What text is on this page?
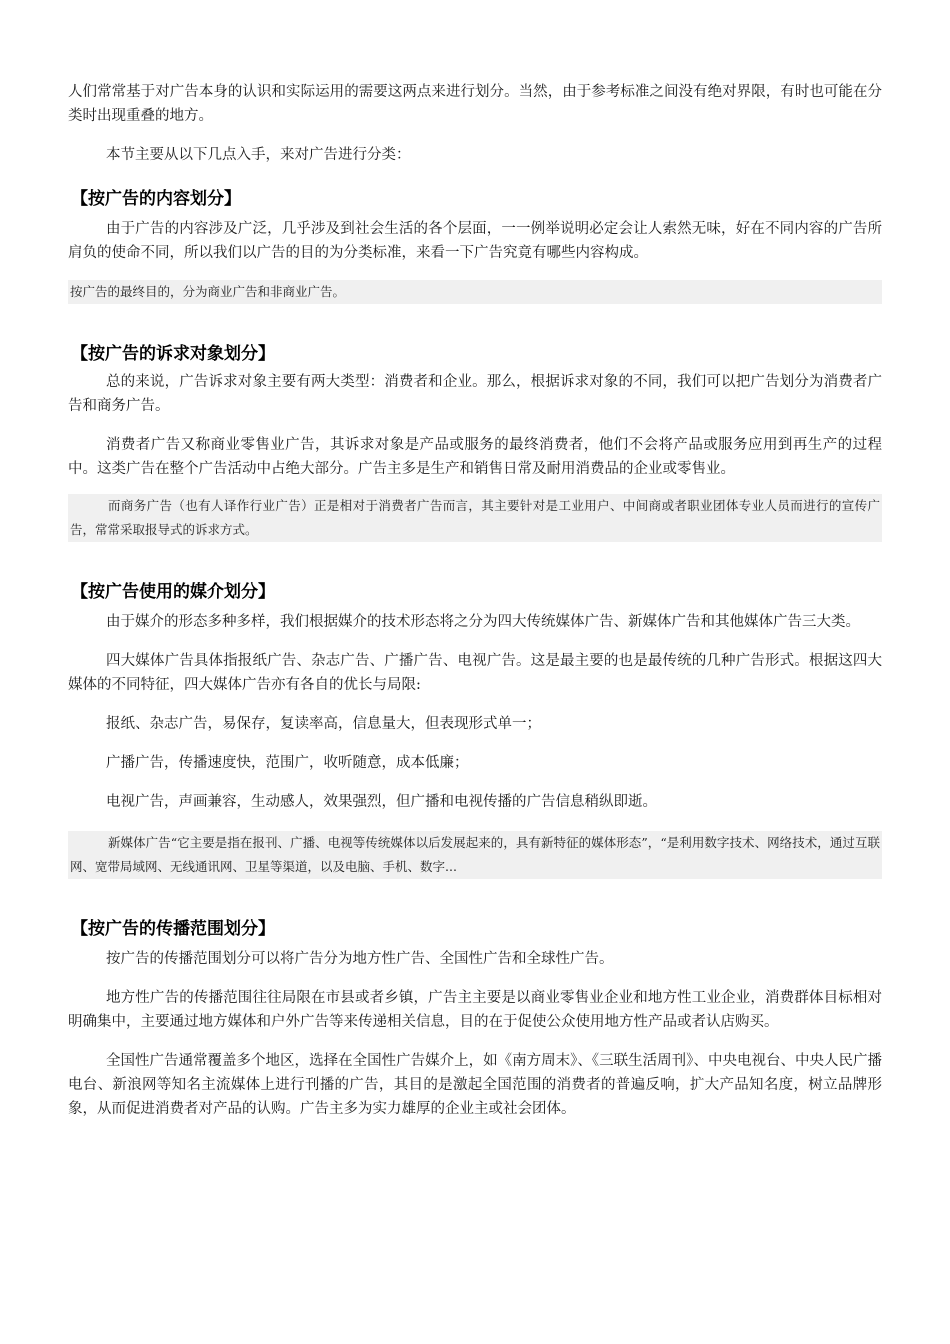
人们常常基于对广告本身的认识和实际运用的需要这两点来进行划分。当然，由于参考标准之间没有绝对界限，有时也可能在分类时出现重叠的地方。

本节主要从以下几点入手，来对广告进行分类：

【按广告的内容划分】

由于广告的内容涉及广泛，几乎涉及到社会生活的各个层面，一一例举说明必定会让人索然无味，好在不同内容的广告所肩负的使命不同，所以我们以广告的目的为分类标准，来看一下广告究竟有哪些内容构成。

按广告的最终目的，分为商业广告和非商业广告。

【按广告的诉求对象划分】

总的来说，广告诉求对象主要有两大类型：消费者和企业。那么，根据诉求对象的不同，我们可以把广告划分为消费者广告和商务广告。

消费者广告又称商业零售业广告，其诉求对象是产品或服务的最终消费者，他们不会将产品或服务应用到再生产的过程中。这类广告在整个广告活动中占绝大部分。广告主多是生产和销售日常及耐用消费品的企业或零售业。

而商务广告（也有人译作行业广告）正是相对于消费者广告而言，其主要针对是工业用户、中间商或者职业团体专业人员而进行的宣传广告，常常采取报导式的诉求方式。

【按广告使用的媒介划分】

由于媒介的形态多种多样，我们根据媒介的技术形态将之分为四大传统媒体广告、新媒体广告和其他媒体广告三大类。

四大媒体广告具体指报纸广告、杂志广告、广播广告、电视广告。这是最主要的也是最传统的几种广告形式。根据这四大媒体的不同特征，四大媒体广告亦有各自的优长与局限:

报纸、杂志广告，易保存，复读率高，信息量大，但表现形式单一；

广播广告，传播速度快，范围广，收听随意，成本低廉；

电视广告，声画兼容，生动感人，效果强烈，但广播和电视传播的广告信息稍纵即逝。

新媒体广告“它主要是指在报刊、广播、电视等传统媒体以后发展起来的，具有新特征的媒体形态”，“是利用数字技术、网络技术，通过互联网、宽带局域网、无线通讯网、卫星等渠道，以及电脑、手机、数字...

【按广告的传播范围划分】

按广告的传播范围划分可以将广告分为地方性广告、全国性广告和全球性广告。

地方性广告的传播范围往往局限在市县或者乡镇，广告主主要是以商业零售业企业和地方性工业企业，消费群体目标相对明确集中，主要通过地方媒体和户外广告等来传递相关信息，目的在于促使公众使用地方性产品或者认店购买。

全国性广告通常覆盖多个地区，选择在全国性广告媒介上，如《南方周末》、《三联生活周刊》、中央电视台、中央人民广播电台、新浪网等知名主流媒体上进行刊播的广告，其目的是激起全国范围的消费者的普遍反响，扩大产品知名度，树立品牌形象，从而促进消费者对产品的认购。广告主多为实力雄厚的企业主或社会团体。
